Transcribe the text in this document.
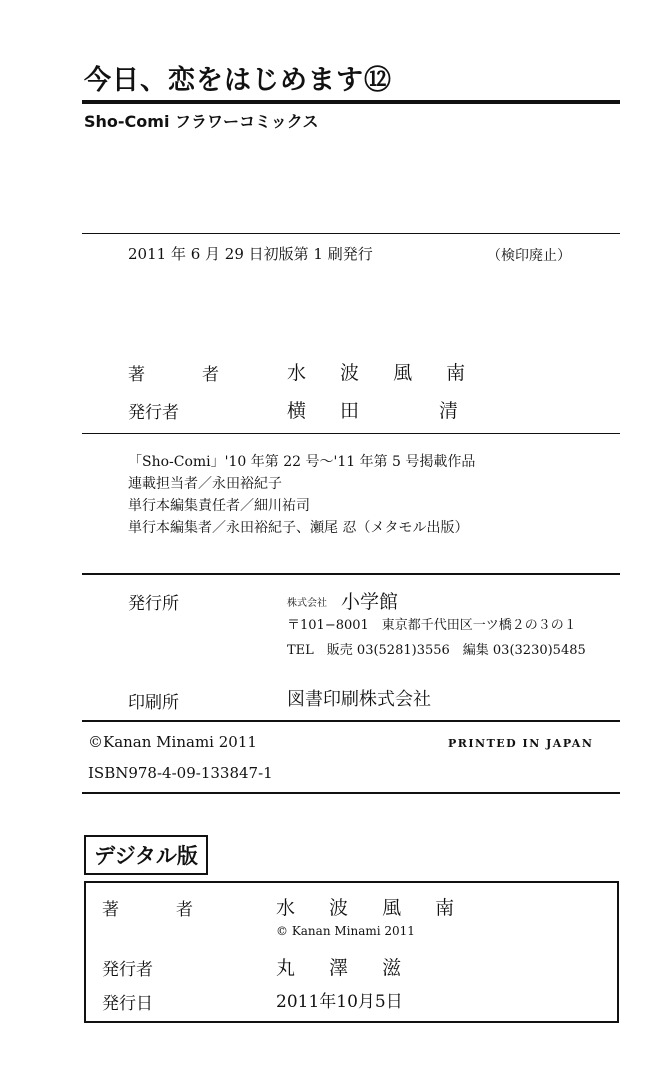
今日、恋をはじめます⑫
Sho-Comi フラワーコミックス
2011 年 6 月 29 日初版第 1 刷発行	（検印廃止）
著　者	水 波 風 南
発行者	横 田　　清
「Sho-Comi」'10 年第 22 号〜'11 年第 5 号掲載作品
連載担当者／永田裕紀子
単行本編集責任者／細川祐司
単行本編集者／永田裕紀子、瀬尾 忍（メタモル出版）
発行所	株式会社 小学館
〒101−8001　東京都千代田区一ツ橋２の３の１
TEL　販売 03(5281)3556　編集 03(3230)5485
印刷所	図書印刷株式会社
©Kanan Minami 2011	PRINTED IN JAPAN
ISBN978-4-09-133847-1
デジタル版
著　者	水 波 風 南
© Kanan Minami 2011
発行者	丸 澤 滋
発行日	2011年10月5日
